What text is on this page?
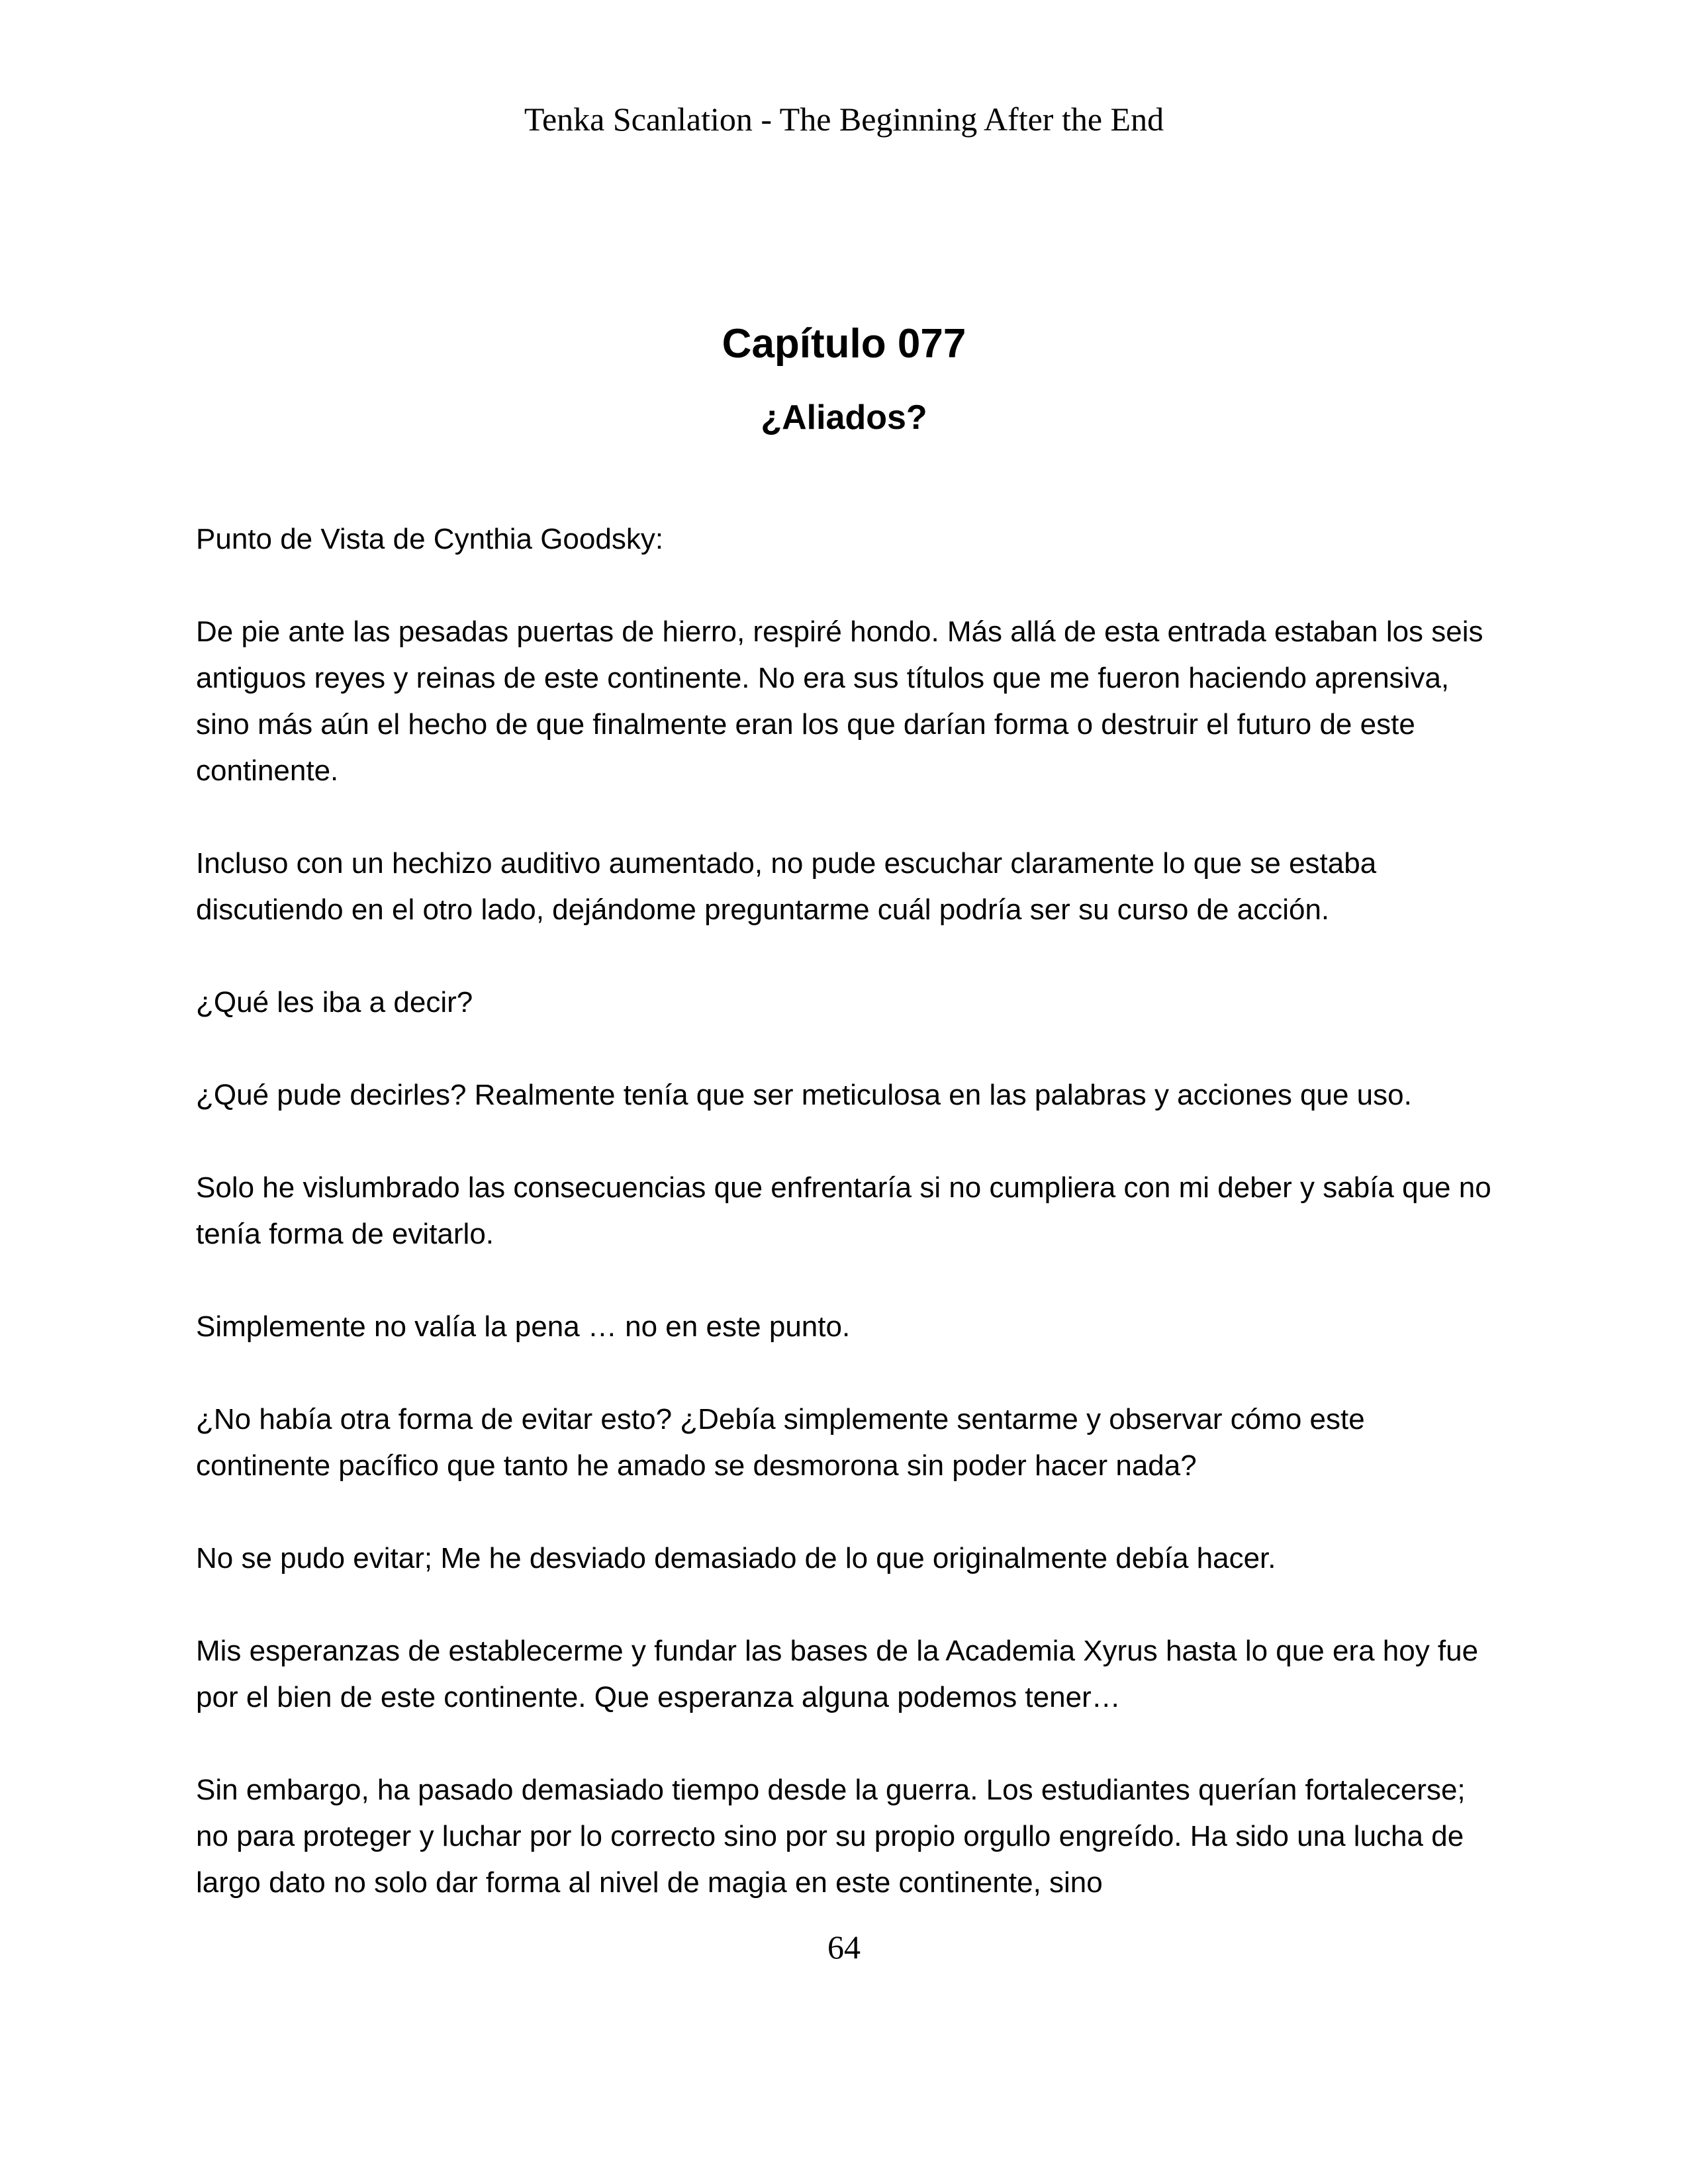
Tenka Scanlation - The Beginning After the End
Capítulo 077
¿Aliados?

Punto de Vista de Cynthia Goodsky:

De pie ante las pesadas puertas de hierro, respiré hondo. Más allá de esta entrada estaban los seis antiguos reyes y reinas de este continente. No era sus títulos que me fueron haciendo aprensiva, sino más aún el hecho de que finalmente eran los que darían forma o destruir el futuro de este continente.

Incluso con un hechizo auditivo aumentado, no pude escuchar claramente lo que se estaba discutiendo en el otro lado, dejándome preguntarme cuál podría ser su curso de acción.

¿Qué les iba a decir?

¿Qué pude decirles? Realmente tenía que ser meticulosa en las palabras y acciones que uso.

Solo he vislumbrado las consecuencias que enfrentaría si no cumpliera con mi deber y sabía que no tenía forma de evitarlo.

Simplemente no valía la pena … no en este punto.

¿No había otra forma de evitar esto? ¿Debía simplemente sentarme y observar cómo este continente pacífico que tanto he amado se desmorona sin poder hacer nada?

No se pudo evitar; Me he desviado demasiado de lo que originalmente debía hacer.

Mis esperanzas de establecerme y fundar las bases de la Academia Xyrus hasta lo que era hoy fue por el bien de este continente. Que esperanza alguna podemos tener…

Sin embargo, ha pasado demasiado tiempo desde la guerra. Los estudiantes querían fortalecerse; no para proteger y luchar por lo correcto sino por su propio orgullo engreído. Ha sido una lucha de largo dato no solo dar forma al nivel de magia en este continente, sino

64
